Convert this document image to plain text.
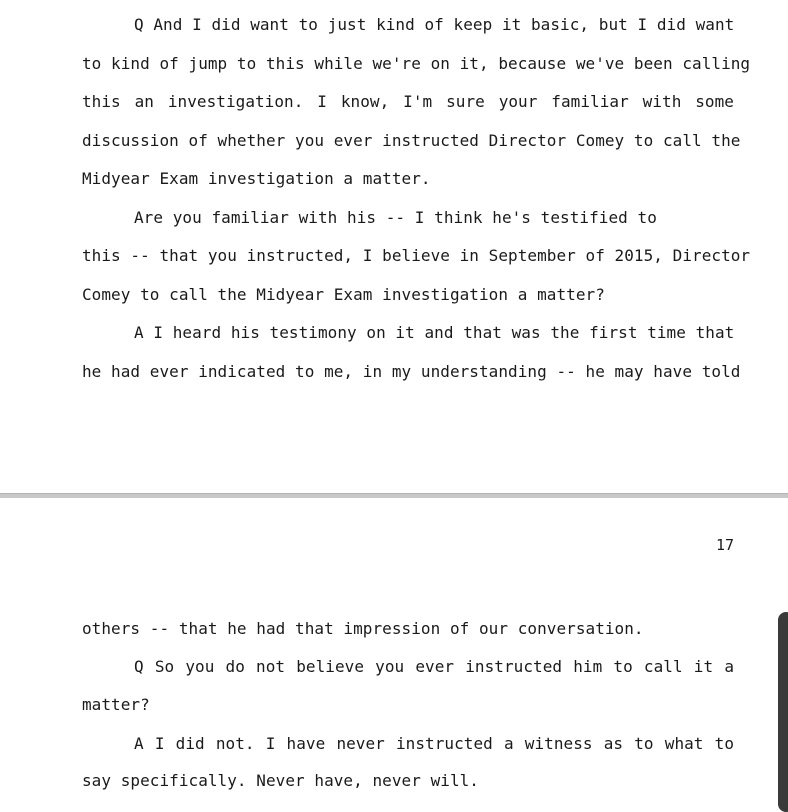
Q And I did want to just kind of keep it basic, but I did want
to kind of jump to this while we're on it, because we've been calling
this an investigation. I know, I'm sure your familiar with some
discussion of whether you ever instructed Director Comey to call the
Midyear Exam investigation a matter.
Are you familiar with his -- I think he's testified to
this -- that you instructed, I believe in September of 2015, Director
Comey to call the Midyear Exam investigation a matter?
A I heard his testimony on it and that was the first time that
he had ever indicated to me, in my understanding -- he may have told
17
others -- that he had that impression of our conversation.
Q So you do not believe you ever instructed him to call it a
matter?
A I did not. I have never instructed a witness as to what to
say specifically. Never have, never will.
